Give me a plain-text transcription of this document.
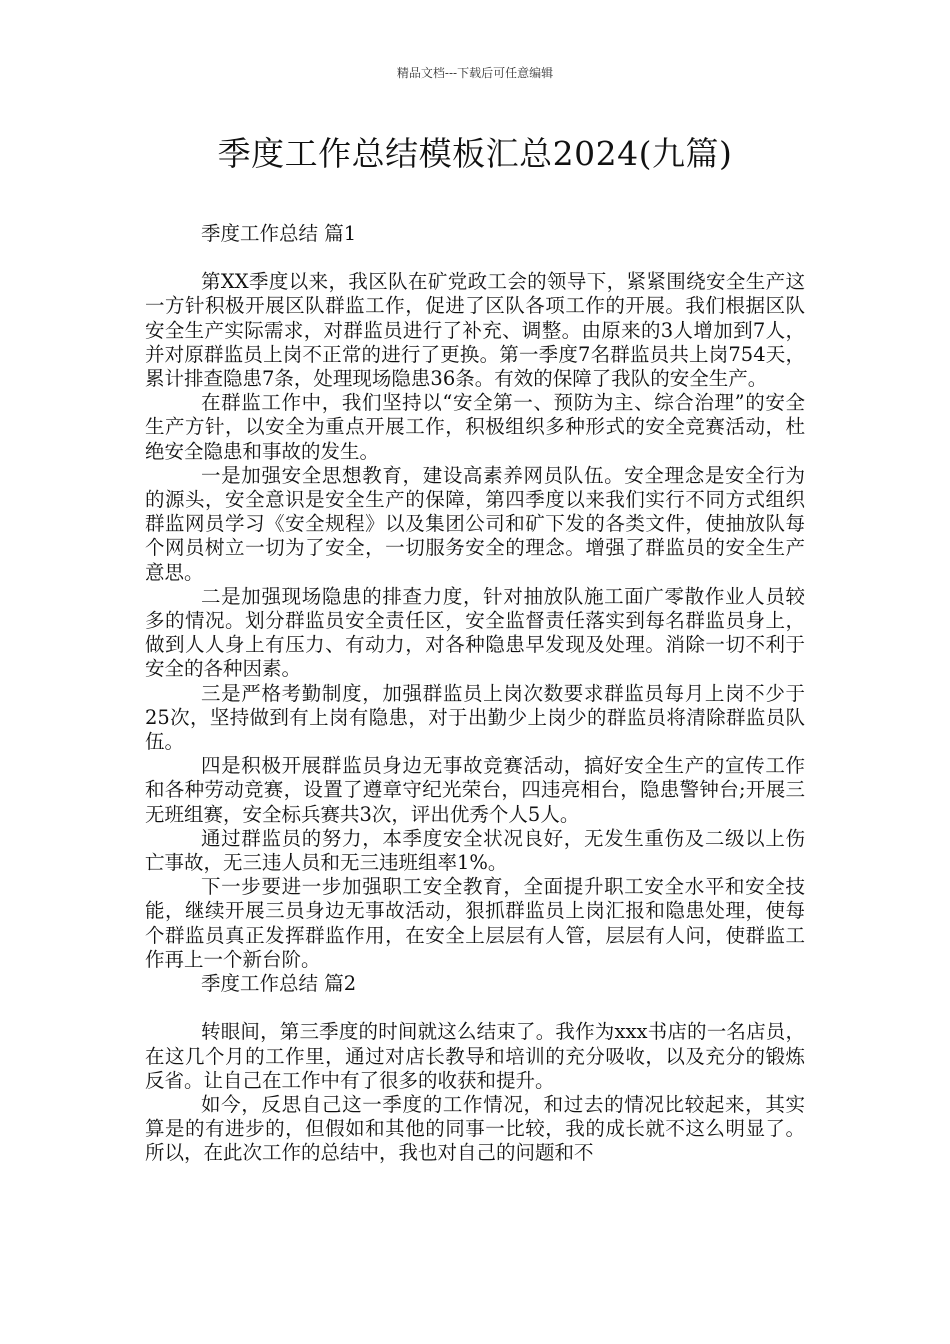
精品文档---下载后可任意编辑
季度工作总结模板汇总2024(九篇)

季度工作总结 篇1

第XX季度以来，我区队在矿党政工会的领导下，紧紧围绕安全生产这一方针积极开展区队群监工作，促进了区队各项工作的开展。我们根据区队安全生产实际需求，对群监员进行了补充、调整。由原来的3人增加到7人，并对原群监员上岗不正常的进行了更换。第一季度7名群监员共上岗754天，累计排查隐患7条，处理现场隐患36条。有效的保障了我队的安全生产。

在群监工作中，我们坚持以“安全第一、预防为主、综合治理”的安全生产方针，以安全为重点开展工作，积极组织多种形式的安全竞赛活动，杜绝安全隐患和事故的发生。

一是加强安全思想教育，建设高素养网员队伍。安全理念是安全行为的源头，安全意识是安全生产的保障，第四季度以来我们实行不同方式组织群监网员学习《安全规程》以及集团公司和矿下发的各类文件，使抽放队每个网员树立一切为了安全，一切服务安全的理念。增强了群监员的安全生产意思。

二是加强现场隐患的排查力度，针对抽放队施工面广零散作业人员较多的情况。划分群监员安全责任区，安全监督责任落实到每名群监员身上，做到人人身上有压力、有动力，对各种隐患早发现及处理。消除一切不利于安全的各种因素。

三是严格考勤制度，加强群监员上岗次数要求群监员每月上岗不少于25次，坚持做到有上岗有隐患，对于出勤少上岗少的群监员将清除群监员队伍。

四是积极开展群监员身边无事故竞赛活动，搞好安全生产的宣传工作和各种劳动竞赛，设置了遵章守纪光荣台，四违亮相台，隐患警钟台;开展三无班组赛，安全标兵赛共3次，评出优秀个人5人。

通过群监员的努力，本季度安全状况良好，无发生重伤及二级以上伤亡事故，无三违人员和无三违班组率1%。

下一步要进一步加强职工安全教育，全面提升职工安全水平和安全技能，继续开展三员身边无事故活动，狠抓群监员上岗汇报和隐患处理，使每个群监员真正发挥群监作用，在安全上层层有人管，层层有人问，使群监工作再上一个新台阶。

季度工作总结 篇2

转眼间，第三季度的时间就这么结束了。我作为xxx书店的一名店员，在这几个月的工作里，通过对店长教导和培训的充分吸收，以及充分的锻炼反省。让自己在工作中有了很多的收获和提升。

如今，反思自己这一季度的工作情况，和过去的情况比较起来，其实算是的有进步的，但假如和其他的同事一比较，我的成长就不这么明显了。所以，在此次工作的总结中，我也对自己的问题和不
